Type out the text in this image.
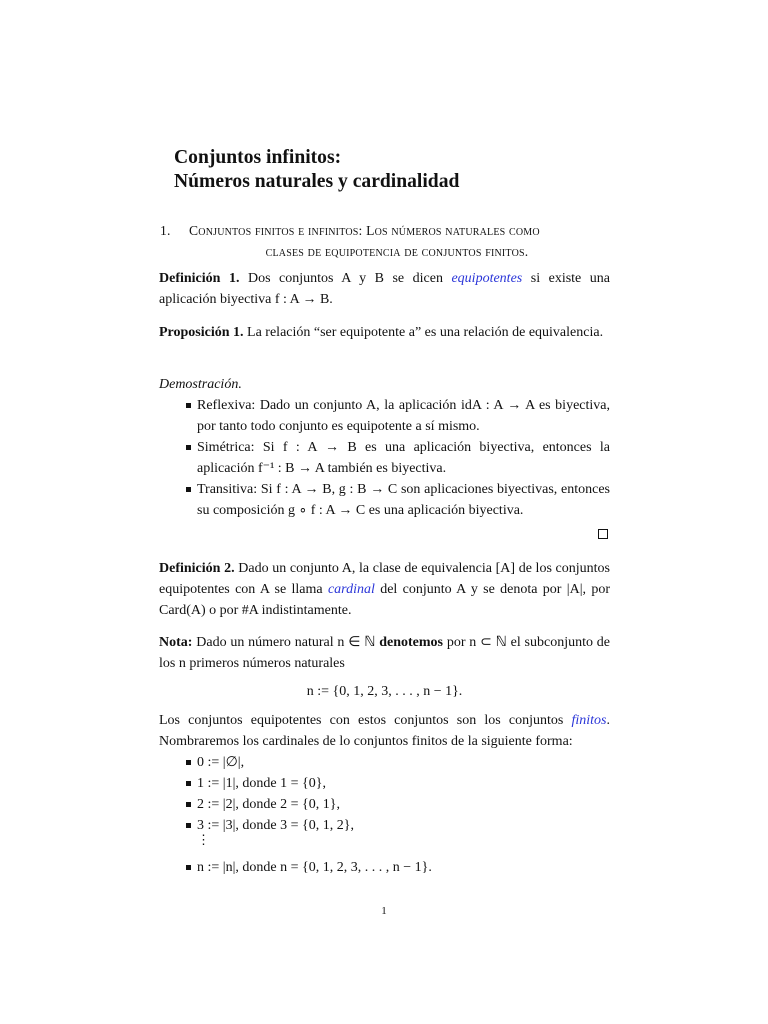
Conjuntos infinitos:
Números naturales y cardinalidad
1. Conjuntos finitos e infinitos: Los números naturales como
clases de equipotencia de conjuntos finitos.
Definición 1. Dos conjuntos A y B se dicen equipotentes si existe una aplicación biyectiva f : A → B.
Proposición 1. La relación “ser equipotente a” es una relación de equivalencia.
Demostración.
Reflexiva: Dado un conjunto A, la aplicación idA : A → A es biyectiva, por tanto todo conjunto es equipotente a sí mismo.
Simétrica: Si f : A → B es una aplicación biyectiva, entonces la aplicación f⁻¹ : B → A también es biyectiva.
Transitiva: Si f : A → B, g : B → C son aplicaciones biyectivas, entonces su composición g ∘ f : A → C es una aplicación biyectiva.
Definición 2. Dado un conjunto A, la clase de equivalencia [A] de los conjuntos equipotentes con A se llama cardinal del conjunto A y se denota por |A|, por Card(A) o por #A indistintamente.
Nota: Dado un número natural n ∈ ℕ denotemos por n ⊂ ℕ el subconjunto de los n primeros números naturales
n := {0, 1, 2, 3, . . . , n − 1}.
Los conjuntos equipotentes con estos conjuntos son los conjuntos finitos. Nombraremos los cardinales de lo conjuntos finitos de la siguiente forma:
0 := |∅|,
1 := |1|, donde 1 = {0},
2 := |2|, donde 2 = {0, 1},
3 := |3|, donde 3 = {0, 1, 2},
⋮
n := |n|, donde n = {0, 1, 2, 3, . . . , n − 1}.
1
